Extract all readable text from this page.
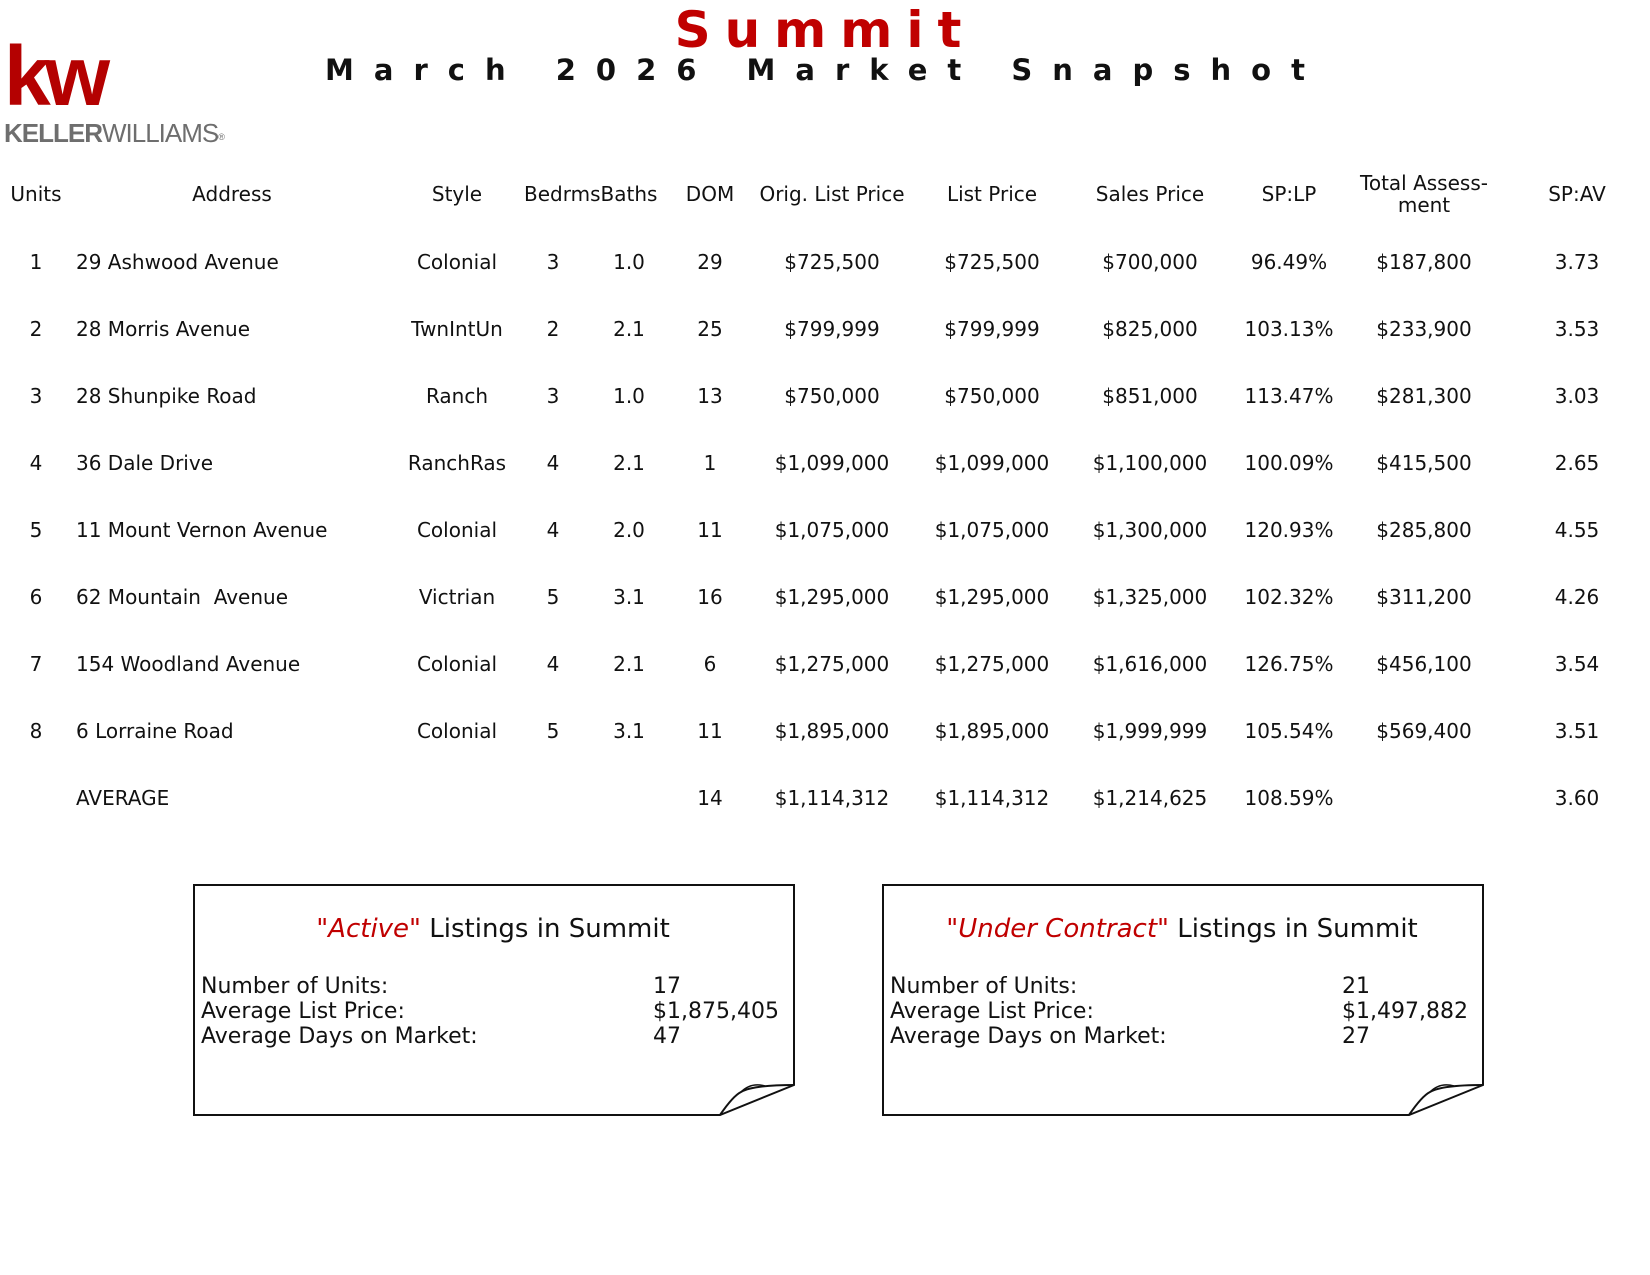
Summit
March 2026 Market Snapshot
kw
KELLERWILLIAMS®
Units	Address	Style	Bedrms	Baths	DOM	Orig. List Price	List Price	Sales Price	SP:LP	Total Assess-
ment	SP:AV
1	29 Ashwood Avenue	Colonial	3	1.0	29	$725,500	$725,500	$700,000	96.49%	$187,800	3.73
2	28 Morris Avenue	TwnIntUn	2	2.1	25	$799,999	$799,999	$825,000	103.13%	$233,900	3.53
3	28 Shunpike Road	Ranch	3	1.0	13	$750,000	$750,000	$851,000	113.47%	$281,300	3.03
4	36 Dale Drive	RanchRas	4	2.1	1	$1,099,000	$1,099,000	$1,100,000	100.09%	$415,500	2.65
5	11 Mount Vernon Avenue	Colonial	4	2.0	11	$1,075,000	$1,075,000	$1,300,000	120.93%	$285,800	4.55
6	62 Mountain  Avenue	Victrian	5	3.1	16	$1,295,000	$1,295,000	$1,325,000	102.32%	$311,200	4.26
7	154 Woodland Avenue	Colonial	4	2.1	6	$1,275,000	$1,275,000	$1,616,000	126.75%	$456,100	3.54
8	6 Lorraine Road	Colonial	5	3.1	11	$1,895,000	$1,895,000	$1,999,999	105.54%	$569,400	3.51
	AVERAGE				14	$1,114,312	$1,114,312	$1,214,625	108.59%		3.60
"Active" Listings in Summit
Number of Units:	17
Average List Price:	$1,875,405
Average Days on Market:	47
"Under Contract" Listings in Summit
Number of Units:	21
Average List Price:	$1,497,882
Average Days on Market:	27
